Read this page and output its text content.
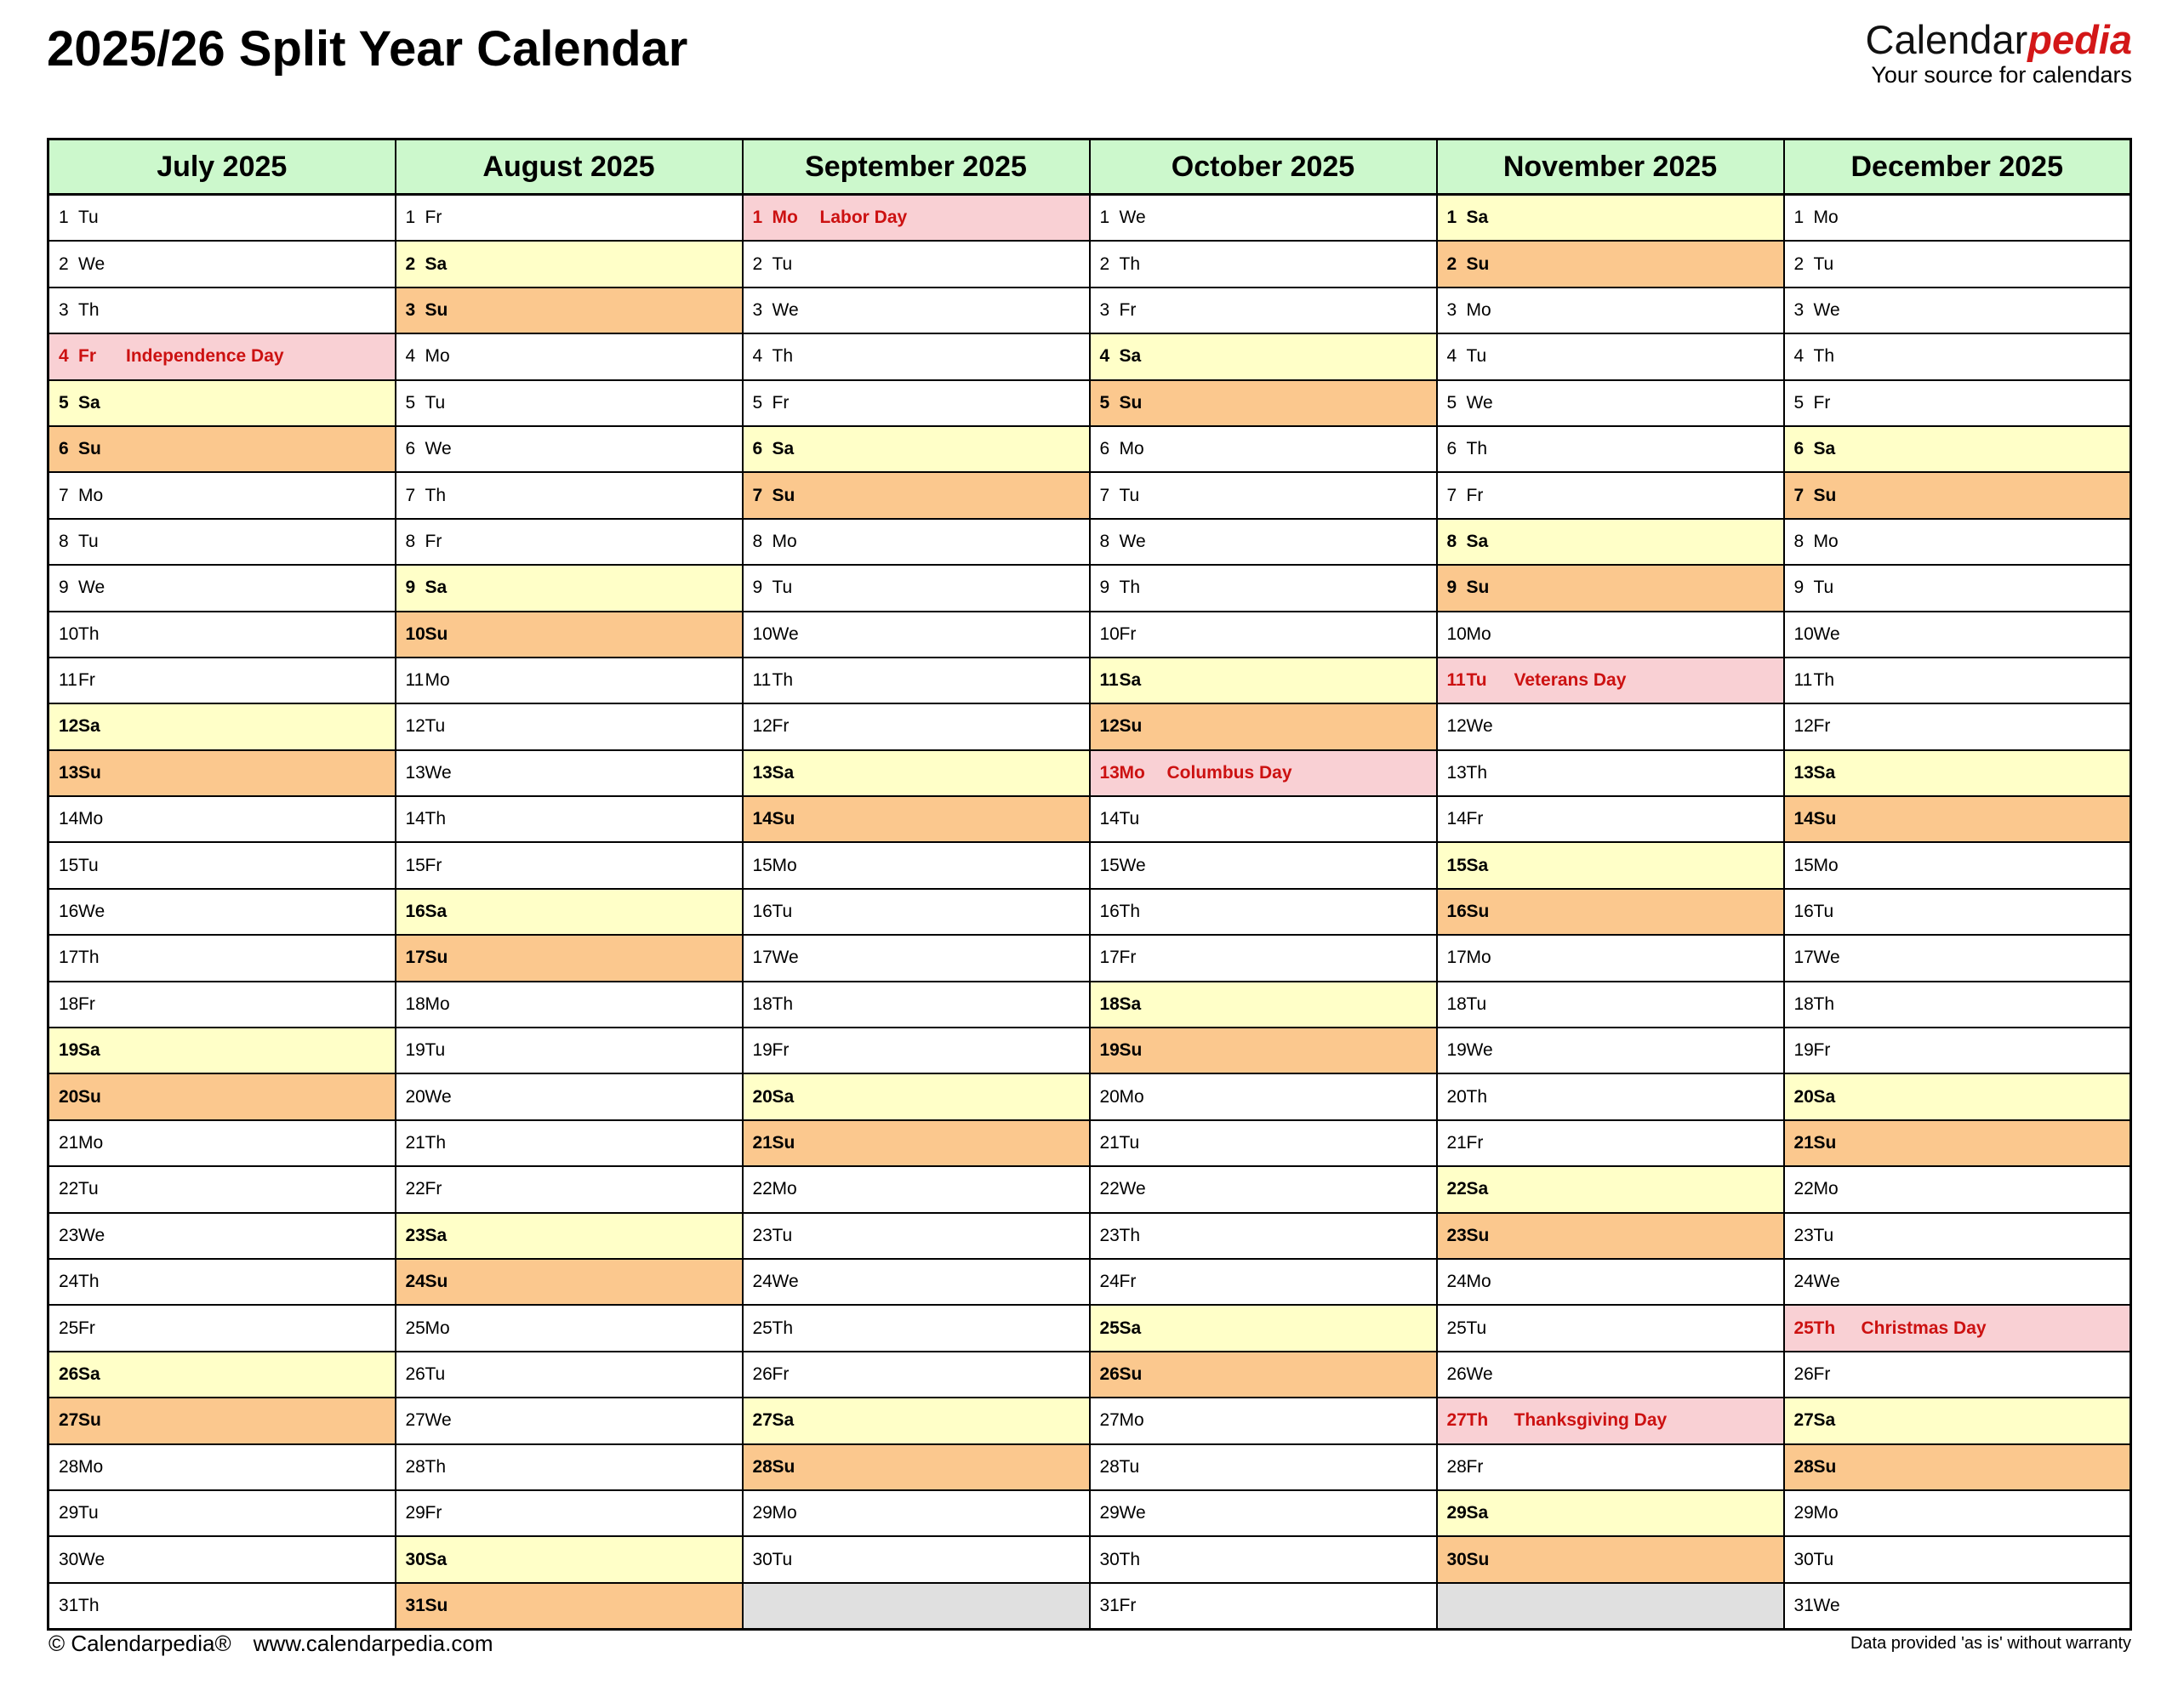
2025/26 Split Year Calendar	Calendarpedia
Your source for calendars
July 2025	August 2025	September 2025	October 2025	November 2025	December 2025
1 Tu	1 Fr	1 Mo Labor Day	1 We	1 Sa	1 Mo
2 We	2 Sa	2 Tu	2 Th	2 Su	2 Tu
3 Th	3 Su	3 We	3 Fr	3 Mo	3 We
4 Fr Independence Day	4 Mo	4 Th	4 Sa	4 Tu	4 Th
5 Sa	5 Tu	5 Fr	5 Su	5 We	5 Fr
6 Su	6 We	6 Sa	6 Mo	6 Th	6 Sa
7 Mo	7 Th	7 Su	7 Tu	7 Fr	7 Su
8 Tu	8 Fr	8 Mo	8 We	8 Sa	8 Mo
9 We	9 Sa	9 Tu	9 Th	9 Su	9 Tu
10Th	10Su	10We	10Fr	10Mo	10We
11Fr	11Mo	11Th	11Sa	11Tu Veterans Day	11Th
12Sa	12Tu	12Fr	12Su	12We	12Fr
13Su	13We	13Sa	13Mo Columbus Day	13Th	13Sa
14Mo	14Th	14Su	14Tu	14Fr	14Su
15Tu	15Fr	15Mo	15We	15Sa	15Mo
16We	16Sa	16Tu	16Th	16Su	16Tu
17Th	17Su	17We	17Fr	17Mo	17We
18Fr	18Mo	18Th	18Sa	18Tu	18Th
19Sa	19Tu	19Fr	19Su	19We	19Fr
20Su	20We	20Sa	20Mo	20Th	20Sa
21Mo	21Th	21Su	21Tu	21Fr	21Su
22Tu	22Fr	22Mo	22We	22Sa	22Mo
23We	23Sa	23Tu	23Th	23Su	23Tu
24Th	24Su	24We	24Fr	24Mo	24We
25Fr	25Mo	25Th	25Sa	25Tu	25Th Christmas Day
26Sa	26Tu	26Fr	26Su	26We	26Fr
27Su	27We	27Sa	27Mo	27Th Thanksgiving Day	27Sa
28Mo	28Th	28Su	28Tu	28Fr	28Su
29Tu	29Fr	29Mo	29We	29Sa	29Mo
30We	30Sa	30Tu	30Th	30Su	30Tu
31Th	31Su		31Fr		31We
© Calendarpedia® www.calendarpedia.com	Data provided 'as is' without warranty
